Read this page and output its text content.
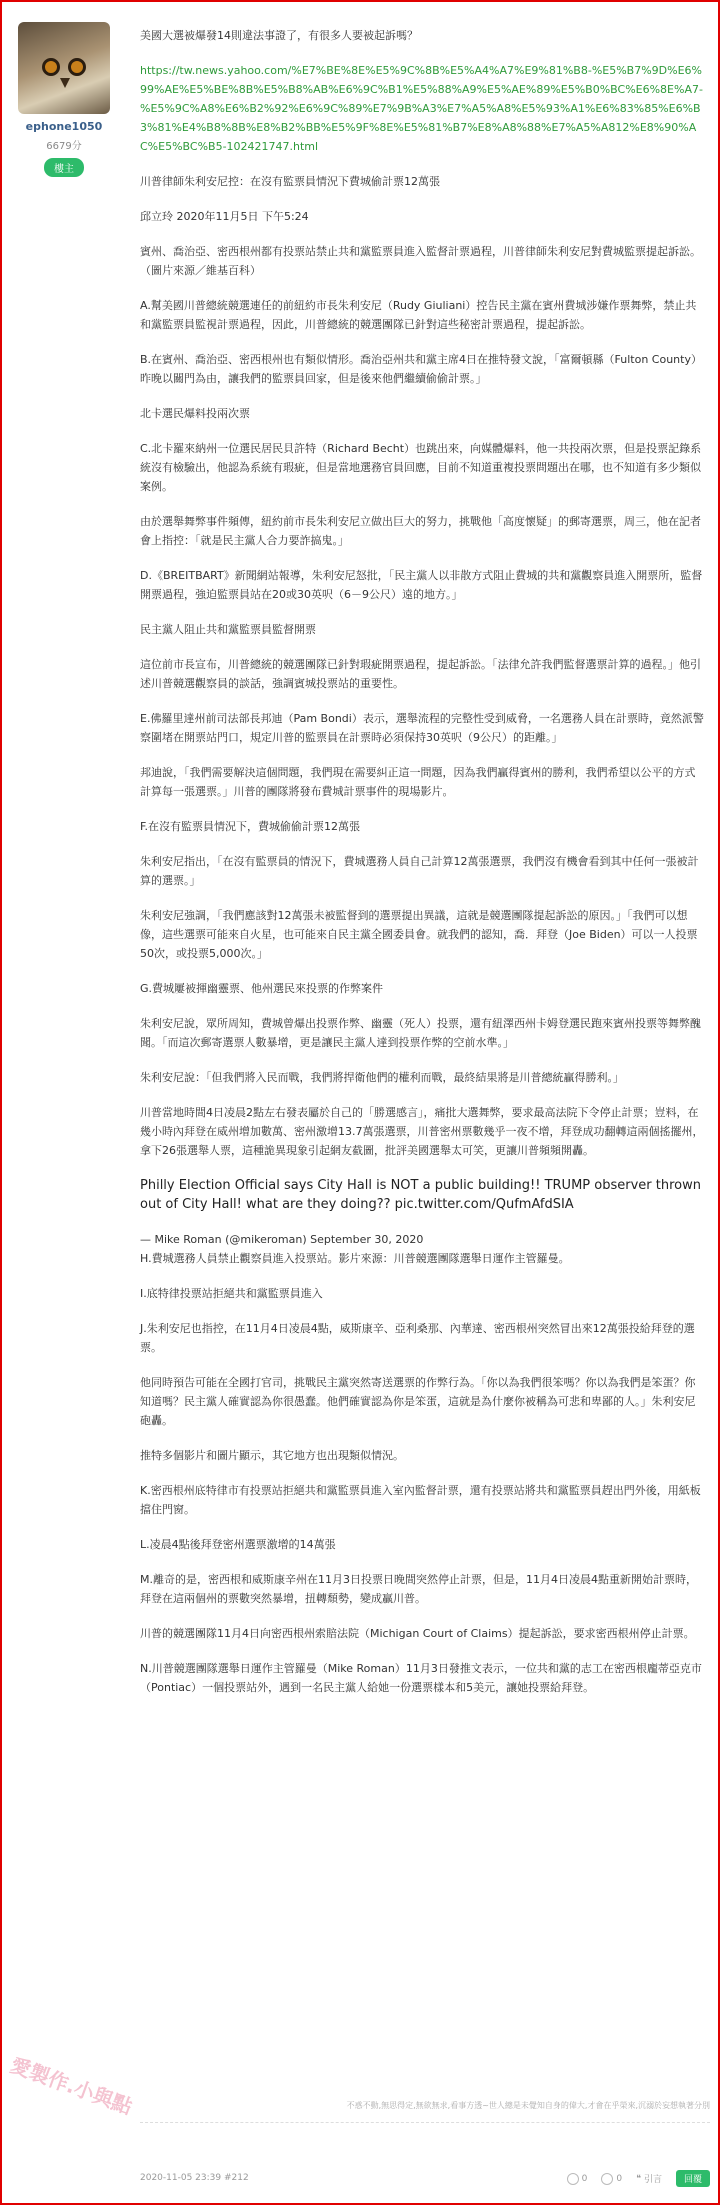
ephone1050
6679分
樓主

美國大選被爆發14則違法事證了，有很多人要被起訴嗎？

https://tw.news.yahoo.com/%E7%BE%8E%E5%9C%8B%E5%A4%A7%E9%81%B8-%E5%B7%9D%E6%99%AE%E5%BE%8B%E5%B8%AB%E6%9C%B1%E5%88%A9%E5%AE%89%E5%B0%BC%E6%8E%A7-%E5%9C%A8%E6%B2%92%E6%9C%89%E7%9B%A3%E7%A5%A8%E5%93%A1%E6%83%85%E6%B3%81%E4%B8%8B%E8%B2%BB%E5%9F%8E%E5%81%B7%E8%A8%88%E7%A5%A812%E8%90%AC%E5%BC%B5-102421747.html

川普律師朱利安尼控：在沒有監票員情況下費城偷計票12萬張

邱立玲 2020年11月5日 下午5:24

賓州、喬治亞、密西根州都有投票站禁止共和黨監票員進入監督計票過程，川普律師朱利安尼對費城監票提起訴訟。（圖片來源／維基百科）

A.幫美國川普總統競選連任的前紐約市長朱利安尼（Rudy Giuliani）控告民主黨在賓州費城涉嫌作票舞弊，禁止共和黨監票員監視計票過程，因此，川普總統的競選團隊已針對這些秘密計票過程，提起訴訟。

B.在賓州、喬治亞、密西根州也有類似情形。喬治亞州共和黨主席4日在推特發文說，「富爾頓縣（Fulton County）昨晚以關門為由，讓我們的監票員回家，但是後來他們繼續偷偷計票。」

北卡選民爆料投兩次票

C.北卡羅來納州一位選民居民貝許特（Richard Becht）也跳出來，向媒體爆料，他一共投兩次票，但是投票記錄系統沒有檢驗出，他認為系統有瑕疵，但是當地選務官員回應，目前不知道重複投票問題出在哪，也不知道有多少類似案例。

由於選舉舞弊事件頻傳，紐約前市長朱利安尼立做出巨大的努力，挑戰他「高度懷疑」的郵寄選票，周三，他在記者會上指控：「就是民主黨人合力要詐搞鬼。」

D.《BREITBART》新聞網站報導，朱利安尼怒批，「民主黨人以非散方式阻止費城的共和黨觀察員進入開票所，監督開票過程，強迫監票員站在20或30英呎（6－9公尺）遠的地方。」

民主黨人阻止共和黨監票員監督開票

這位前市長宣布，川普總統的競選團隊已針對瑕疵開票過程，提起訴訟。「法律允許我們監督選票計算的過程。」他引述川普競選觀察員的談話，強調賓城投票站的重要性。

E.佛羅里達州前司法部長邦迪（Pam Bondi）表示，選舉流程的完整性受到威脅，一名選務人員在計票時，竟然派警察圍堵在開票站門口，規定川普的監票員在計票時必須保持30英呎（9公尺）的距離。」

邦迪說，「我們需要解決這個問題，我們現在需要糾正這一問題，因為我們贏得賓州的勝利，我們希望以公平的方式計算每一張選票。」川普的團隊將發布費城計票事件的現場影片。

F.在沒有監票員情況下，費城偷偷計票12萬張

朱利安尼指出，「在沒有監票員的情況下，費城選務人員自己計算12萬張選票，我們沒有機會看到其中任何一張被計算的選票。」

朱利安尼強調，「我們應該對12萬張未被監督到的選票提出異議，這就是競選團隊提起訴訟的原因。」「我們可以想像，這些選票可能來自火星，也可能來自民主黨全國委員會。就我們的認知，喬．拜登（Joe Biden）可以一人投票50次，或投票5,000次。」

G.費城屢被揮幽靈票、他州選民來投票的作弊案件

朱利安尼說，眾所周知，費城曾爆出投票作弊、幽靈（死人）投票，還有紐澤西州卡姆登選民跑來賓州投票等舞弊醜聞。「而這次郵寄選票人數暴增，更是讓民主黨人達到投票作弊的空前水準。」

朱利安尼說：「但我們將入民而戰，我們將捍衛他們的權利而戰，最終結果將是川普總統贏得勝利。」

川普當地時間4日凌晨2點左右發表屬於自己的「勝選感言」，痛批大選舞弊，要求最高法院下令停止計票；豈料，在幾小時內拜登在威州增加數萬、密州激增13.7萬張選票，川普密州票數幾乎一夜不增，拜登成功翻轉這兩個搖擺州，拿下26張選舉人票，這種詭異現象引起網友截圖，批評美國選舉太可笑，更讓川普頻頻開轟。

Philly Election Official says City Hall is NOT a public building!! TRUMP observer thrown out of City Hall! what are they doing?? pic.twitter.com/QufmAfdSIA

— Mike Roman (@mikeroman) September 30, 2020

H.費城選務人員禁止觀察員進入投票站。影片來源：川普競選團隊選舉日運作主管羅曼。

I.底特律投票站拒絕共和黨監票員進入

J.朱利安尼也指控，在11月4日凌晨4點，威斯康辛、亞利桑那、內華達、密西根州突然冒出來12萬張投給拜登的選票。

他同時預告可能在全國打官司，挑戰民主黨突然寄送選票的作弊行為。「你以為我們很笨嗎？你以為我們是笨蛋？你知道嗎？民主黨人確實認為你很愚蠢。他們確實認為你是笨蛋，這就是為什麼你被稱為可悲和卑鄙的人。」朱利安尼砲轟。

推特多個影片和圖片顯示，其它地方也出現類似情況。

K.密西根州底特律市有投票站拒絕共和黨監票員進入室內監督計票，還有投票站將共和黨監票員趕出門外後，用紙板擋住門窗。

L.凌晨4點後拜登密州選票激增的14萬張

M.離奇的是，密西根和威斯康辛州在11月3日投票日晚間突然停止計票，但是，11月4日凌晨4點重新開始計票時，拜登在這兩個州的票數突然暴增，扭轉頹勢，變成贏川普。

川普的競選團隊11月4日向密西根州索賠法院（Michigan Court of Claims）提起訴訟，要求密西根州停止計票。

N.川普競選團隊選舉日運作主管羅曼（Mike Roman）11月3日發推文表示，一位共和黨的志工在密西根龐蒂亞克市（Pontiac）一個投票站外，遇到一名民主黨人給她一份選票樣本和5美元，讓她投票給拜登。

愛製作.小與點	不惑不動,無思得定,無欲無求,看事方透~世人總是未覺知自身的偉大,才會在乎榮來,沉溺於妄想執著分別
2020-11-05 23:39 #212	0	0 ❝ 引言 回覆
